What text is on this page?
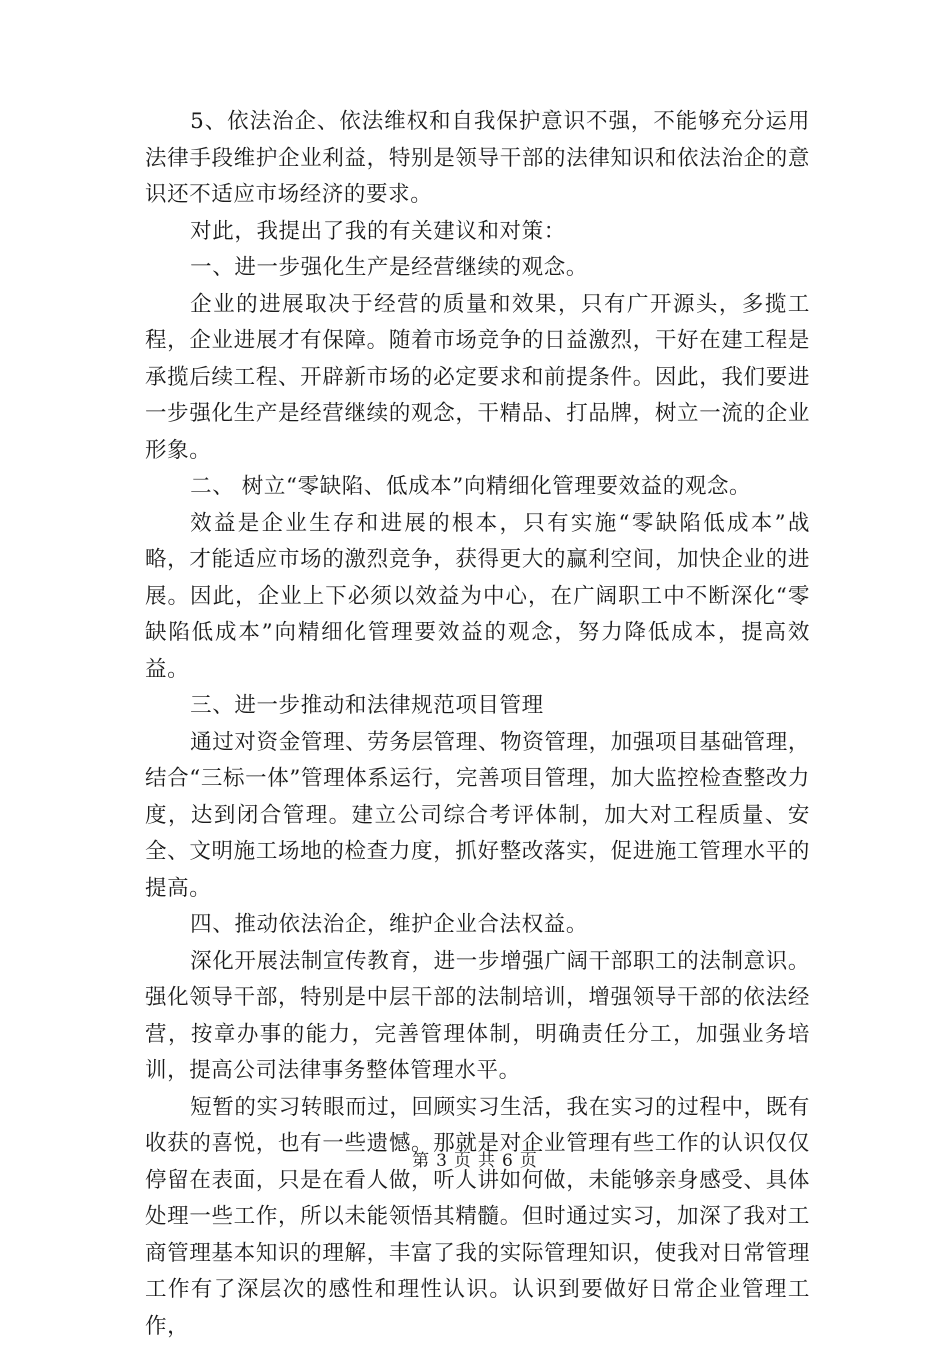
5、依法治企、依法维权和自我保护意识不强，不能够充分运用法律手段维护企业利益，特别是领导干部的法律知识和依法治企的意识还不适应市场经济的要求。

对此，我提出了我的有关建议和对策：

一、进一步强化生产是经营继续的观念。

企业的进展取决于经营的质量和效果，只有广开源头，多揽工程，企业进展才有保障。随着市场竞争的日益激烈，干好在建工程是承揽后续工程、开辟新市场的必定要求和前提条件。因此，我们要进一步强化生产是经营继续的观念，干精品、打品牌，树立一流的企业形象。

二、 树立“零缺陷、低成本”向精细化管理要效益的观念。

效益是企业生存和进展的根本，只有实施“零缺陷低成本”战略，才能适应市场的激烈竞争，获得更大的赢利空间，加快企业的进展。因此，企业上下必须以效益为中心，在广阔职工中不断深化“零缺陷低成本”向精细化管理要效益的观念，努力降低成本，提高效益。

三、进一步推动和法律规范项目管理

通过对资金管理、劳务层管理、物资管理，加强项目基础管理，结合“三标一体”管理体系运行，完善项目管理，加大监控检查整改力度，达到闭合管理。建立公司综合考评体制，加大对工程质量、安全、文明施工场地的检查力度，抓好整改落实，促进施工管理水平的提高。

四、推动依法治企，维护企业合法权益。

深化开展法制宣传教育，进一步增强广阔干部职工的法制意识。强化领导干部，特别是中层干部的法制培训，增强领导干部的依法经营，按章办事的能力，完善管理体制，明确责任分工，加强业务培训，提高公司法律事务整体管理水平。

短暂的实习转眼而过，回顾实习生活，我在实习的过程中，既有收获的喜悦，也有一些遗憾。那就是对企业管理有些工作的认识仅仅停留在表面，只是在看人做，听人讲如何做，未能够亲身感受、具体处理一些工作，所以未能领悟其精髓。但时通过实习，加深了我对工商管理基本知识的理解，丰富了我的实际管理知识，使我对日常管理工作有了深层次的感性和理性认识。认识到要做好日常企业管理工作，

第 3 页 共 6 页
